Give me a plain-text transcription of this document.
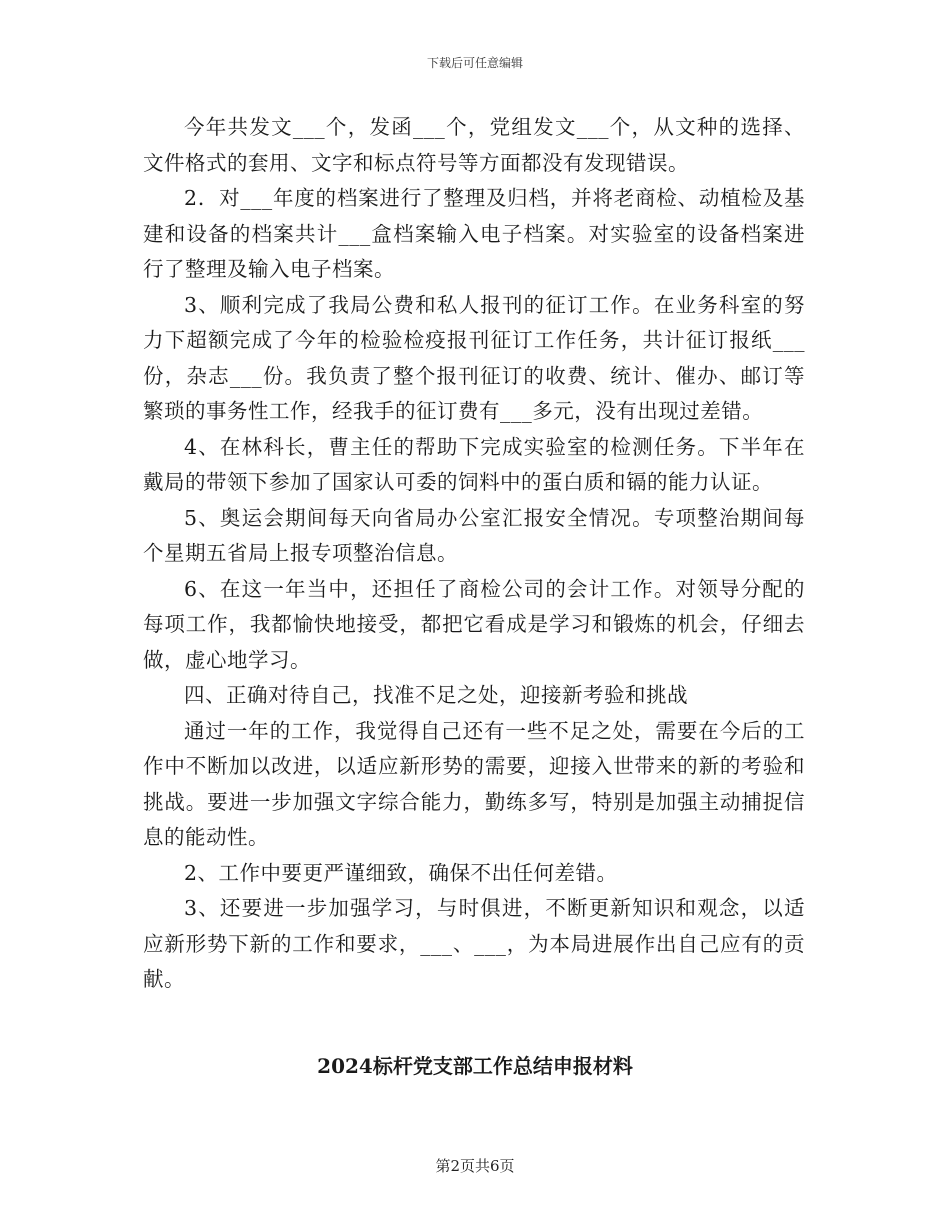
下载后可任意编辑

今年共发文___个，发函___个，党组发文___个，从文种的选择、文件格式的套用、文字和标点符号等方面都没有发现错误。

2．对___年度的档案进行了整理及归档，并将老商检、动植检及基建和设备的档案共计___盒档案输入电子档案。对实验室的设备档案进行了整理及输入电子档案。

3、顺利完成了我局公费和私人报刊的征订工作。在业务科室的努力下超额完成了今年的检验检疫报刊征订工作任务，共计征订报纸___份，杂志___份。我负责了整个报刊征订的收费、统计、催办、邮订等繁琐的事务性工作，经我手的征订费有___多元，没有出现过差错。

4、在林科长，曹主任的帮助下完成实验室的检测任务。下半年在戴局的带领下参加了国家认可委的饲料中的蛋白质和镉的能力认证。

5、奥运会期间每天向省局办公室汇报安全情况。专项整治期间每个星期五省局上报专项整治信息。

6、在这一年当中，还担任了商检公司的会计工作。对领导分配的每项工作，我都愉快地接受，都把它看成是学习和锻炼的机会，仔细去做，虚心地学习。

四、正确对待自己，找准不足之处，迎接新考验和挑战

通过一年的工作，我觉得自己还有一些不足之处，需要在今后的工作中不断加以改进，以适应新形势的需要，迎接入世带来的新的考验和挑战。要进一步加强文字综合能力，勤练多写，特别是加强主动捕捉信息的能动性。

2、工作中要更严谨细致，确保不出任何差错。

3、还要进一步加强学习，与时俱进，不断更新知识和观念，以适应新形势下新的工作和要求，___、___，为本局进展作出自己应有的贡献。

2024标杆党支部工作总结申报材料
第2页共6页
